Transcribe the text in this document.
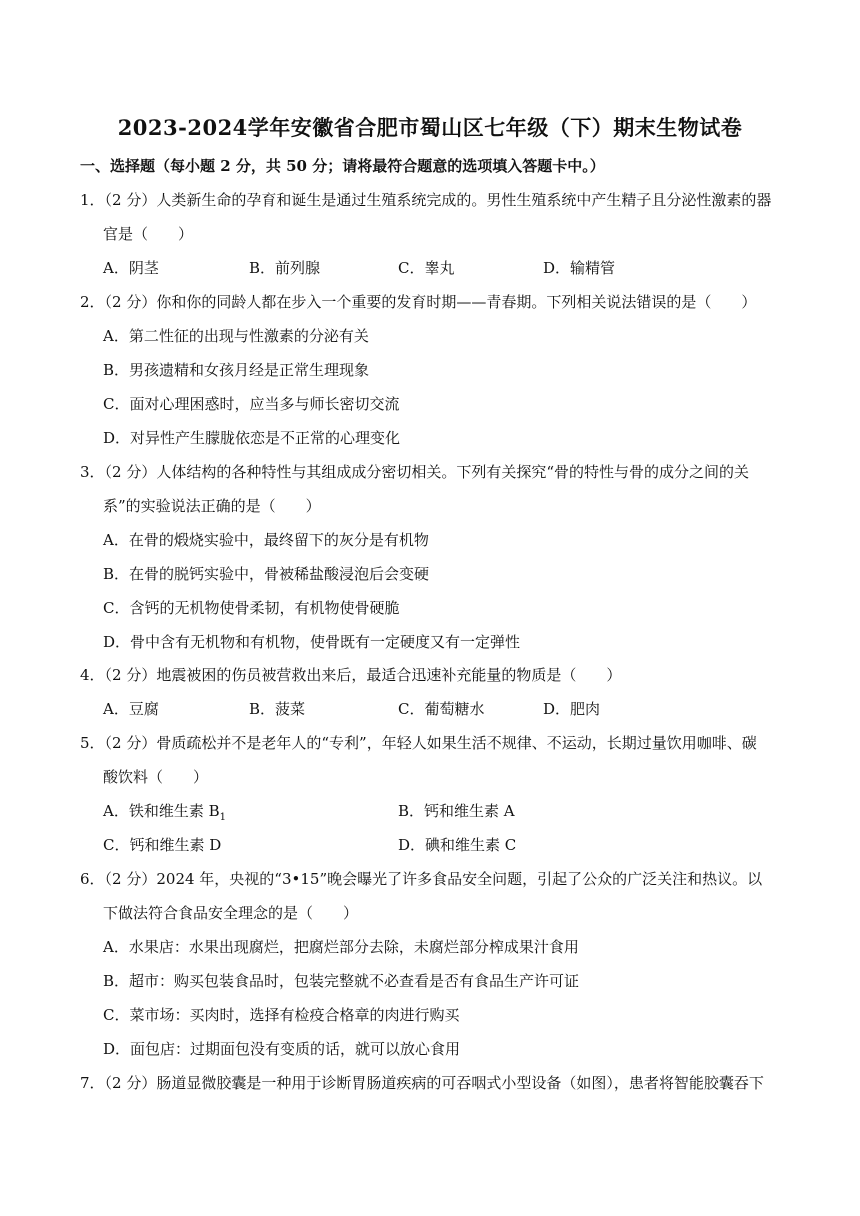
2023-2024学年安徽省合肥市蜀山区七年级（下）期末生物试卷
一、选择题（每小题 2 分，共 50 分；请将最符合题意的选项填入答题卡中。）
1．（2 分）人类新生命的孕育和诞生是通过生殖系统完成的。男性生殖系统中产生精子且分泌性激素的器
官是（　　）
A．阴茎	B．前列腺	C．睾丸	D．输精管
2．（2 分）你和你的同龄人都在步入一个重要的发育时期——青春期。下列相关说法错误的是（　　）
A．第二性征的出现与性激素的分泌有关
B．男孩遗精和女孩月经是正常生理现象
C．面对心理困惑时，应当多与师长密切交流
D．对异性产生朦胧依恋是不正常的心理变化
3．（2 分）人体结构的各种特性与其组成成分密切相关。下列有关探究“骨的特性与骨的成分之间的关
系”的实验说法正确的是（　　）
A．在骨的煅烧实验中，最终留下的灰分是有机物
B．在骨的脱钙实验中，骨被稀盐酸浸泡后会变硬
C．含钙的无机物使骨柔韧，有机物使骨硬脆
D．骨中含有无机物和有机物，使骨既有一定硬度又有一定弹性
4．（2 分）地震被困的伤员被营救出来后，最适合迅速补充能量的物质是（　　）
A．豆腐	B．菠菜	C．葡萄糖水	D．肥肉
5．（2 分）骨质疏松并不是老年人的“专利”，年轻人如果生活不规律、不运动，长期过量饮用咖啡、碳
酸饮料（　　）
A．铁和维生素 $B_1$	B．钙和维生素 A
C．钙和维生素 D	D．碘和维生素 C
6．（2 分）2024 年，央视的“3•15”晚会曝光了许多食品安全问题，引起了公众的广泛关注和热议。以
下做法符合食品安全理念的是（　　）
A．水果店：水果出现腐烂，把腐烂部分去除，未腐烂部分榨成果汁食用
B．超市：购买包装食品时，包装完整就不必查看是否有食品生产许可证
C．菜市场：买肉时，选择有检疫合格章的肉进行购买
D．面包店：过期面包没有变质的话，就可以放心食用
7．（2 分）肠道显微胶囊是一种用于诊断胃肠道疾病的可吞咽式小型设备（如图），患者将智能胶囊吞下
